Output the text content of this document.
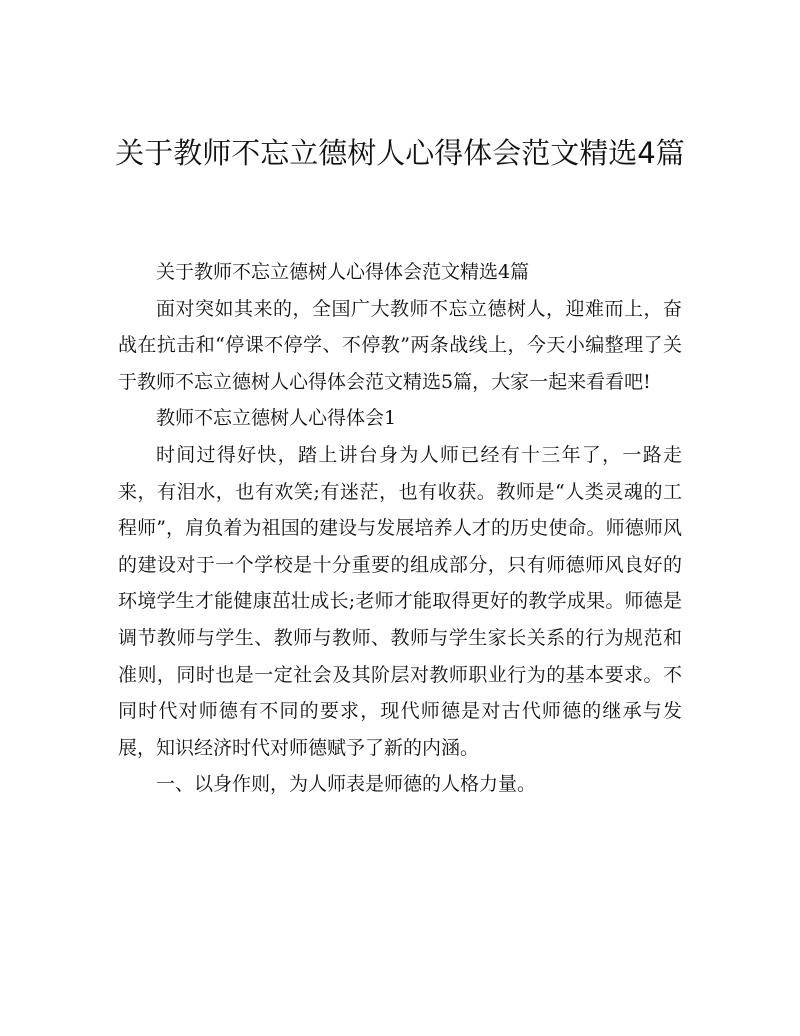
关于教师不忘立德树人心得体会范文精选4篇

关于教师不忘立德树人心得体会范文精选4篇

面对突如其来的，全国广大教师不忘立德树人，迎难而上，奋战在抗击和“停课不停学、不停教”两条战线上，今天小编整理了关于教师不忘立德树人心得体会范文精选5篇，大家一起来看看吧!

教师不忘立德树人心得体会1

时间过得好快，踏上讲台身为人师已经有十三年了，一路走来，有泪水，也有欢笑;有迷茫，也有收获。教师是“人类灵魂的工程师”，肩负着为祖国的建设与发展培养人才的历史使命。师德师风的建设对于一个学校是十分重要的组成部分，只有师德师风良好的环境学生才能健康茁壮成长;老师才能取得更好的教学成果。师德是调节教师与学生、教师与教师、教师与学生家长关系的行为规范和准则，同时也是一定社会及其阶层对教师职业行为的基本要求。不同时代对师德有不同的要求，现代师德是对古代师德的继承与发展，知识经济时代对师德赋予了新的内涵。

一、以身作则，为人师表是师德的人格力量。
